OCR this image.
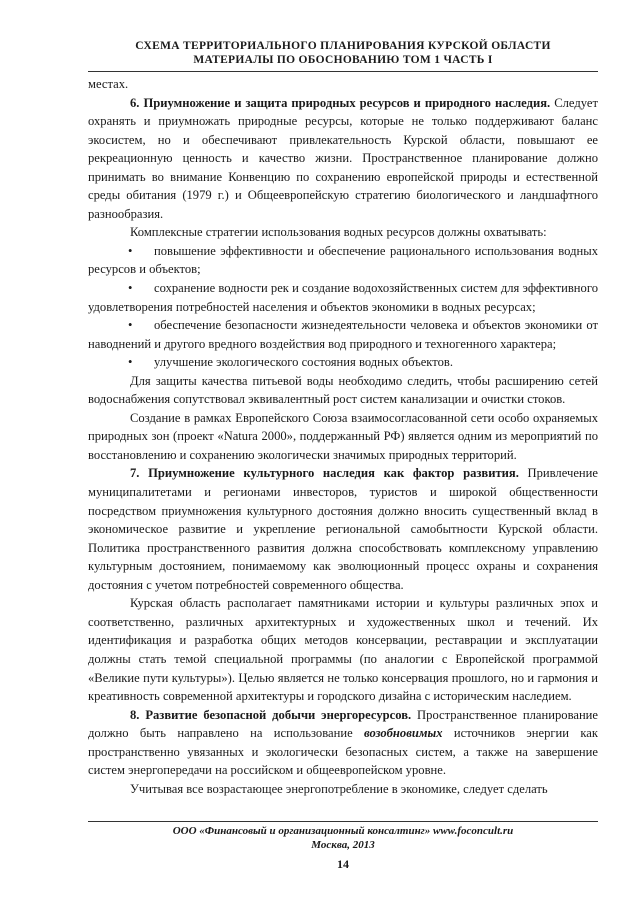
СХЕМА ТЕРРИТОРИАЛЬНОГО ПЛАНИРОВАНИЯ КУРСКОЙ ОБЛАСТИ
МАТЕРИАЛЫ ПО ОБОСНОВАНИЮ ТОМ 1 ЧАСТЬ I

местах.

6. Приумножение и защита природных ресурсов и природного наследия. Следует охранять и приумножать природные ресурсы, которые не только поддерживают баланс экосистем, но и обеспечивают привлекательность Курской области, повышают ее рекреационную ценность и качество жизни. Пространственное планирование должно принимать во внимание Конвенцию по сохранению европейской природы и естественной среды обитания (1979 г.) и Общеевропейскую стратегию биологического и ландшафтного разнообразия.

Комплексные стратегии использования водных ресурсов должны охватывать:

• повышение эффективности и обеспечение рационального использования водных ресурсов и объектов;

• сохранение водности рек и создание водохозяйственных систем для эффективного удовлетворения потребностей населения и объектов экономики в водных ресурсах;

• обеспечение безопасности жизнедеятельности человека и объектов экономики от наводнений и другого вредного воздействия вод природного и техногенного характера;

• улучшение экологического состояния водных объектов.

Для защиты качества питьевой воды необходимо следить, чтобы расширению сетей водоснабжения сопутствовал эквивалентный рост систем канализации и очистки стоков.

Создание в рамках Европейского Союза взаимосогласованной сети особо охраняемых природных зон (проект «Natura 2000», поддержанный РФ) является одним из мероприятий по восстановлению и сохранению экологически значимых природных территорий.

7. Приумножение культурного наследия как фактор развития. Привлечение муниципалитетами и регионами инвесторов, туристов и широкой общественности посредством приумножения культурного достояния должно вносить существенный вклад в экономическое развитие и укрепление региональной самобытности Курской области. Политика пространственного развития должна способствовать комплексному управлению культурным достоянием, понимаемому как эволюционный процесс охраны и сохранения достояния с учетом потребностей современного общества.

Курская область располагает памятниками истории и культуры различных эпох и соответственно, различных архитектурных и художественных школ и течений. Их идентификация и разработка общих методов консервации, реставрации и эксплуатации должны стать темой специальной программы (по аналогии с Европейской программой «Великие пути культуры»). Целью является не только консервация прошлого, но и гармония и креативность современной архитектуры и городского дизайна с историческим наследием.

8. Развитие безопасной добычи энергоресурсов. Пространственное планирование должно быть направлено на использование возобновимых источников энергии как пространственно увязанных и экологически безопасных систем, а также на завершение систем энергопередачи на российском и общеевропейском уровне.

Учитывая все возрастающее энергопотребление в экономике, следует сделать

ООО «Финансовый и организационный консалтинг» www.foconcult.ru
Москва, 2013
14
